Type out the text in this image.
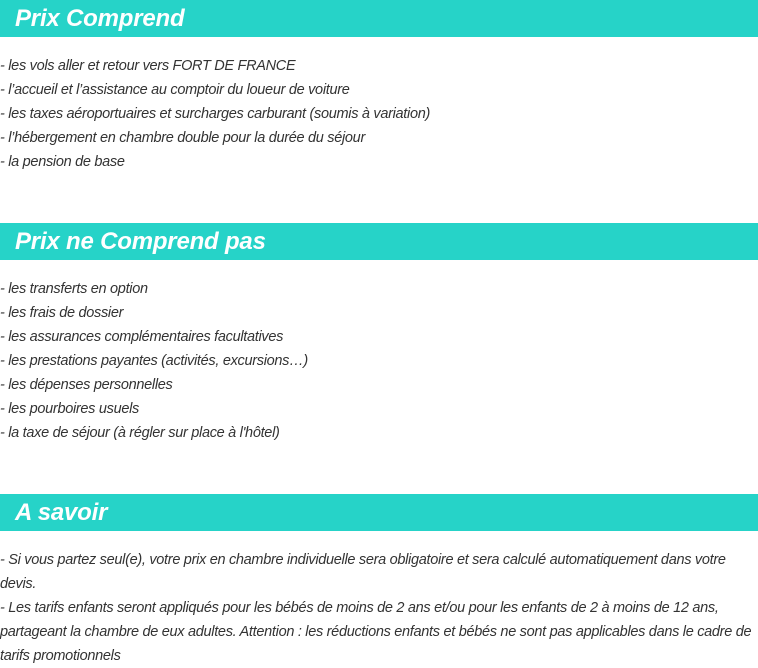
Prix Comprend
- les vols aller et retour vers FORT DE FRANCE
- l’accueil et l’assistance au comptoir du loueur de voiture
- les taxes aéroportuaires et surcharges carburant (soumis à variation)
- l’hébergement en chambre double pour la durée du séjour
- la pension de base
Prix ne Comprend pas
- les transferts en option
- les frais de dossier
- les assurances complémentaires facultatives
- les prestations payantes (activités, excursions…)
- les dépenses personnelles
- les pourboires usuels
- la taxe de séjour (à régler sur place à l'hôtel)
A savoir

- Si vous partez seul(e), votre prix en chambre individuelle sera obligatoire et sera calculé automatiquement dans votre devis.

- Les tarifs enfants seront appliqués pour les bébés de moins de 2 ans et/ou pour les enfants de 2 à moins de 12 ans, partageant la chambre de eux adultes. Attention : les réductions enfants et bébés ne sont pas applicables dans le cadre de tarifs promotionnels
